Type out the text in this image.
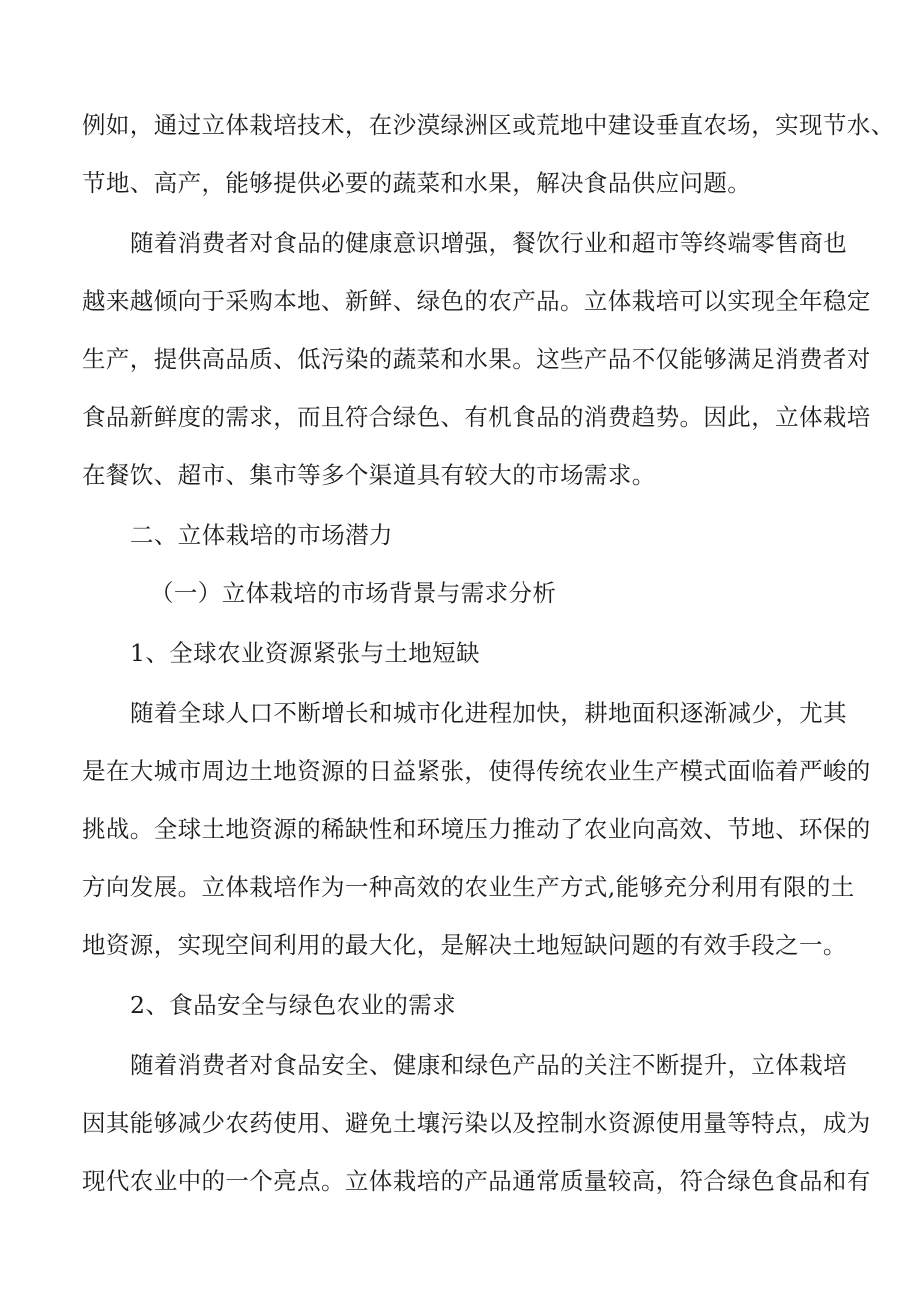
例如，通过立体栽培技术，在沙漠绿洲区或荒地中建设垂直农场，实现节水、
节地、高产，能够提供必要的蔬菜和水果，解决食品供应问题。
随着消费者对食品的健康意识增强，餐饮行业和超市等终端零售商也
越来越倾向于采购本地、新鲜、绿色的农产品。立体栽培可以实现全年稳定
生产，提供高品质、低污染的蔬菜和水果。这些产品不仅能够满足消费者对
食品新鲜度的需求，而且符合绿色、有机食品的消费趋势。因此，立体栽培
在餐饮、超市、集市等多个渠道具有较大的市场需求。
二、立体栽培的市场潜力
（一）立体栽培的市场背景与需求分析
1、全球农业资源紧张与土地短缺
随着全球人口不断增长和城市化进程加快，耕地面积逐渐减少，尤其
是在大城市周边土地资源的日益紧张，使得传统农业生产模式面临着严峻的
挑战。全球土地资源的稀缺性和环境压力推动了农业向高效、节地、环保的
方向发展。立体栽培作为一种高效的农业生产方式,能够充分利用有限的土
地资源，实现空间利用的最大化，是解决土地短缺问题的有效手段之一。
2、食品安全与绿色农业的需求
随着消费者对食品安全、健康和绿色产品的关注不断提升，立体栽培
因其能够减少农药使用、避免土壤污染以及控制水资源使用量等特点，成为
现代农业中的一个亮点。立体栽培的产品通常质量较高，符合绿色食品和有
